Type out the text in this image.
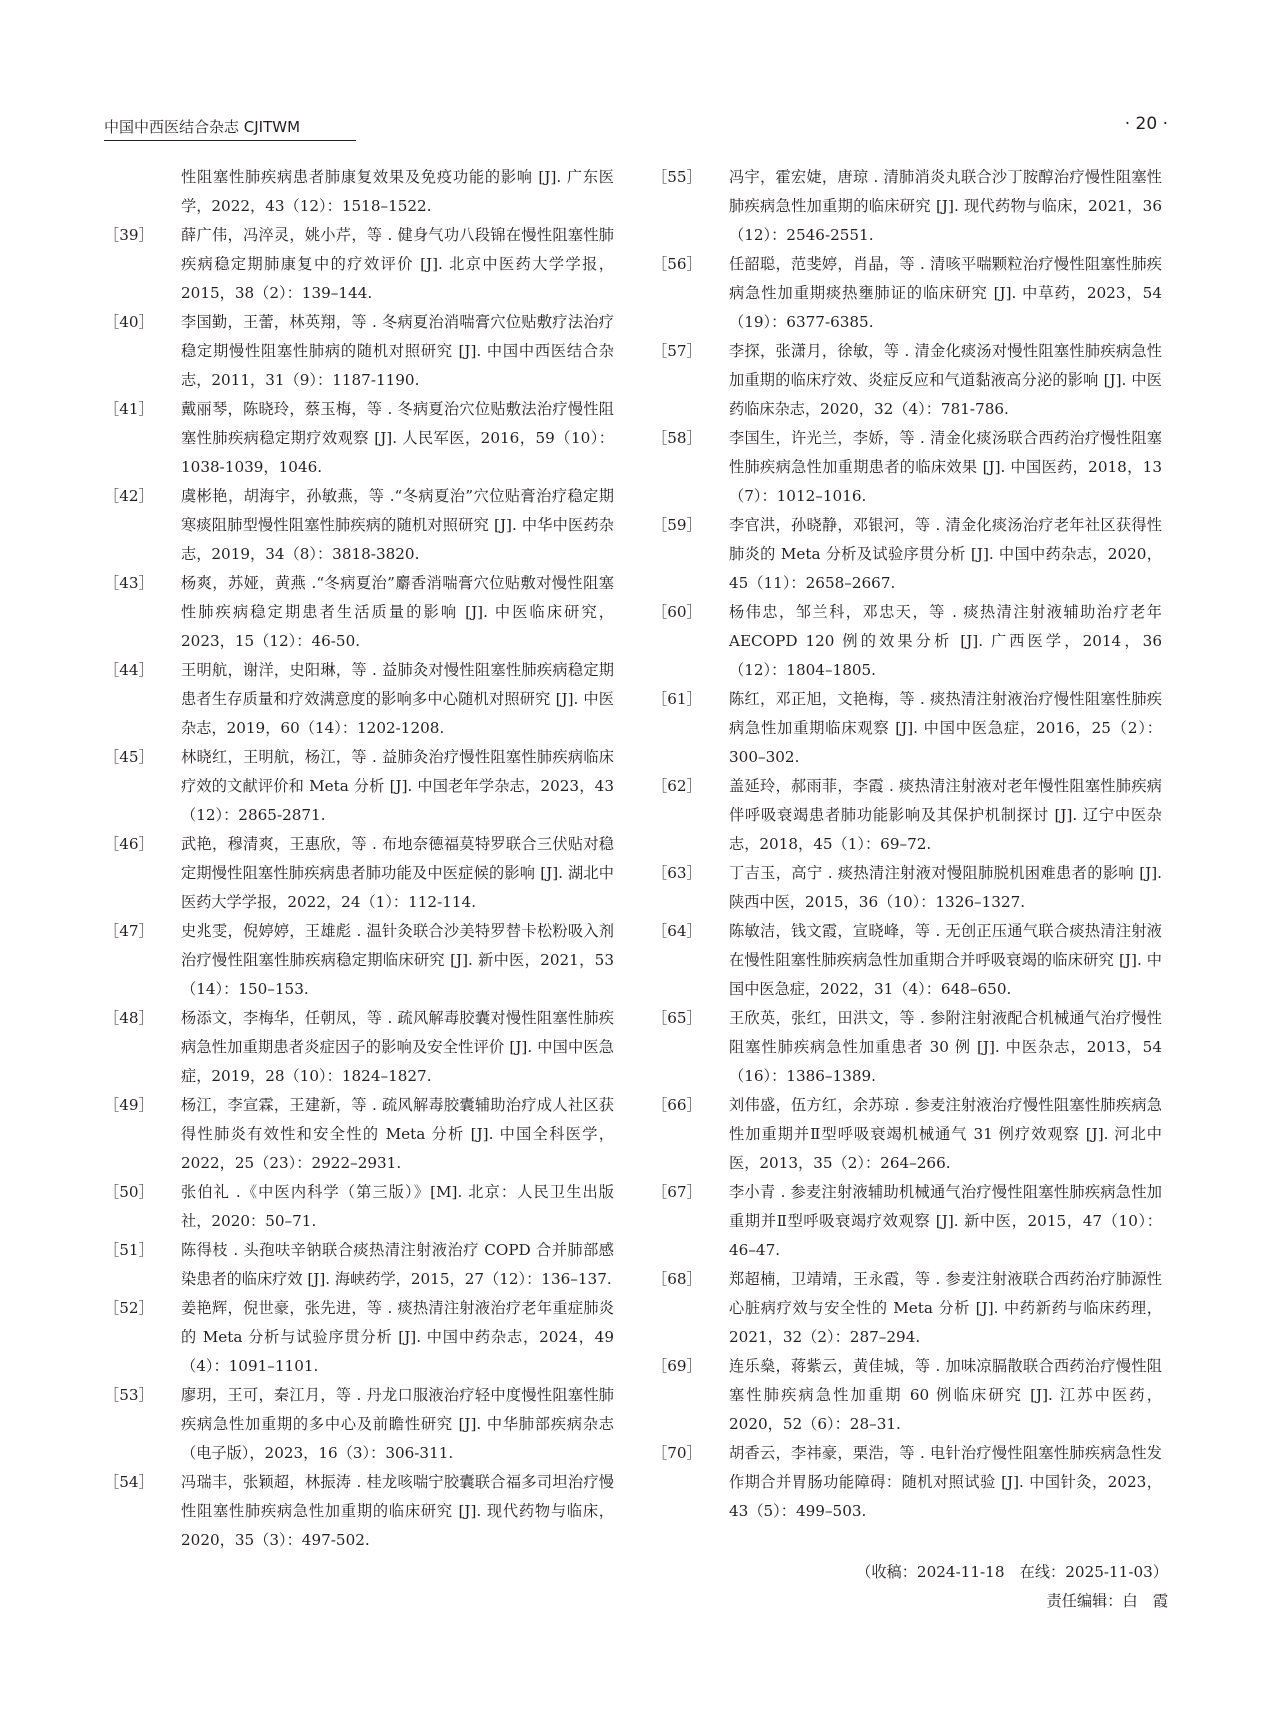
中国中西医结合杂志 CJITWM	· 20 ·
性阻塞性肺疾病患者肺康复效果及免疫功能的影响 [J]. 广东医学，2022，43（12）：1518–1522.
［39］ 薛广伟，冯淬灵，姚小芹，等 . 健身气功八段锦在慢性阻塞性肺疾病稳定期肺康复中的疗效评价 [J]. 北京中医药大学学报，2015，38（2）：139–144.
［40］ 李国勤，王蕾，林英翔，等 . 冬病夏治消喘膏穴位贴敷疗法治疗稳定期慢性阻塞性肺病的随机对照研究 [J]. 中国中西医结合杂志，2011，31（9）：1187-1190.
［41］ 戴丽琴，陈晓玲，蔡玉梅，等 . 冬病夏治穴位贴敷法治疗慢性阻塞性肺疾病稳定期疗效观察 [J]. 人民军医，2016，59（10）：1038-1039，1046.
［42］ 虞彬艳，胡海宇，孙敏燕，等 .“冬病夏治”穴位贴膏治疗稳定期寒痰阻肺型慢性阻塞性肺疾病的随机对照研究 [J]. 中华中医药杂志，2019，34（8）：3818-3820.
［43］ 杨爽，苏娅，黄燕 .“冬病夏治”麝香消喘膏穴位贴敷对慢性阻塞性肺疾病稳定期患者生活质量的影响 [J]. 中医临床研究，2023，15（12）：46-50.
［44］ 王明航，谢洋，史阳琳，等 . 益肺灸对慢性阻塞性肺疾病稳定期患者生存质量和疗效满意度的影响多中心随机对照研究 [J]. 中医杂志，2019，60（14）：1202-1208.
［45］ 林晓红，王明航，杨江，等 . 益肺灸治疗慢性阻塞性肺疾病临床疗效的文献评价和 Meta 分析 [J]. 中国老年学杂志，2023，43（12）：2865-2871.
［46］ 武艳，穆清爽，王惠欣，等 . 布地奈德福莫特罗联合三伏贴对稳定期慢性阻塞性肺疾病患者肺功能及中医症候的影响 [J]. 湖北中医药大学学报，2022，24（1）：112-114.
［47］ 史兆雯，倪婷婷，王雄彪 . 温针灸联合沙美特罗替卡松粉吸入剂治疗慢性阻塞性肺疾病稳定期临床研究 [J]. 新中医，2021，53（14）：150–153.
［48］ 杨添文，李梅华，任朝凤，等 . 疏风解毒胶囊对慢性阻塞性肺疾病急性加重期患者炎症因子的影响及安全性评价 [J]. 中国中医急症，2019，28（10）：1824–1827.
［49］ 杨江，李宣霖，王建新，等 . 疏风解毒胶囊辅助治疗成人社区获得性肺炎有效性和安全性的 Meta 分析 [J]. 中国全科医学，2022，25（23）：2922–2931.
［50］ 张伯礼 .《中医内科学（第三版）》[M]. 北京：人民卫生出版社，2020：50–71.
［51］ 陈得枝 . 头孢呋辛钠联合痰热清注射液治疗 COPD 合并肺部感染患者的临床疗效 [J]. 海峡药学，2015，27（12）：136–137.
［52］ 姜艳辉，倪世豪，张先进，等 . 痰热清注射液治疗老年重症肺炎的 Meta 分析与试验序贯分析 [J]. 中国中药杂志，2024，49（4）：1091–1101.
［53］ 廖玥，王可，秦江月，等 . 丹龙口服液治疗轻中度慢性阻塞性肺疾病急性加重期的多中心及前瞻性研究 [J]. 中华肺部疾病杂志（电子版），2023，16（3）：306-311.
［54］ 冯瑞丰，张颖超，林振涛 . 桂龙咳喘宁胶囊联合福多司坦治疗慢性阻塞性肺疾病急性加重期的临床研究 [J]. 现代药物与临床，2020，35（3）：497-502.
［55］ 冯宇，霍宏婕，唐琼 . 清肺消炎丸联合沙丁胺醇治疗慢性阻塞性肺疾病急性加重期的临床研究 [J]. 现代药物与临床，2021，36（12）：2546-2551.
［56］ 任韶聪，范斐婷，肖晶，等 . 清咳平喘颗粒治疗慢性阻塞性肺疾病急性加重期痰热壅肺证的临床研究 [J]. 中草药，2023，54（19）：6377-6385.
［57］ 李探，张潇月，徐敏，等 . 清金化痰汤对慢性阻塞性肺疾病急性加重期的临床疗效、炎症反应和气道黏液高分泌的影响 [J]. 中医药临床杂志，2020，32（4）：781-786.
［58］ 李国生，许光兰，李娇，等 . 清金化痰汤联合西药治疗慢性阻塞性肺疾病急性加重期患者的临床效果 [J]. 中国医药，2018，13（7）：1012–1016.
［59］ 李官洪，孙晓静，邓银河，等 . 清金化痰汤治疗老年社区获得性肺炎的 Meta 分析及试验序贯分析 [J]. 中国中药杂志，2020，45（11）：2658–2667.
［60］ 杨伟忠，邹兰科，邓忠天，等 . 痰热清注射液辅助治疗老年 AECOPD 120 例的效果分析 [J]. 广西医学，2014，36（12）：1804–1805.
［61］ 陈红，邓正旭，文艳梅，等 . 痰热清注射液治疗慢性阻塞性肺疾病急性加重期临床观察 [J]. 中国中医急症，2016，25（2）：300–302.
［62］ 盖延玲，郝雨菲，李霞 . 痰热清注射液对老年慢性阻塞性肺疾病伴呼吸衰竭患者肺功能影响及其保护机制探讨 [J]. 辽宁中医杂志，2018，45（1）：69–72.
［63］ 丁吉玉，高宁 . 痰热清注射液对慢阻肺脱机困难患者的影响 [J]. 陕西中医，2015，36（10）：1326–1327.
［64］ 陈敏洁，钱文霞，宣晓峰，等 . 无创正压通气联合痰热清注射液在慢性阻塞性肺疾病急性加重期合并呼吸衰竭的临床研究 [J]. 中国中医急症，2022，31（4）：648–650.
［65］ 王欣英，张红，田洪文，等 . 参附注射液配合机械通气治疗慢性阻塞性肺疾病急性加重患者 30 例 [J]. 中医杂志，2013，54（16）：1386–1389.
［66］ 刘伟盛，伍方红，余苏琼 . 参麦注射液治疗慢性阻塞性肺疾病急性加重期并Ⅱ型呼吸衰竭机械通气 31 例疗效观察 [J]. 河北中医，2013，35（2）：264–266.
［67］ 李小青 . 参麦注射液辅助机械通气治疗慢性阻塞性肺疾病急性加重期并Ⅱ型呼吸衰竭疗效观察 [J]. 新中医，2015，47（10）：46–47.
［68］ 郑超楠，卫靖靖，王永霞，等 . 参麦注射液联合西药治疗肺源性心脏病疗效与安全性的 Meta 分析 [J]. 中药新药与临床药理，2021，32（2）：287–294.
［69］ 连乐燊，蒋紫云，黄佳城，等 . 加味凉膈散联合西药治疗慢性阻塞性肺疾病急性加重期 60 例临床研究 [J]. 江苏中医药，2020，52（6）：28–31.
［70］ 胡香云，李祎豪，栗浩，等 . 电针治疗慢性阻塞性肺疾病急性发作期合并胃肠功能障碍：随机对照试验 [J]. 中国针灸，2023，43（5）：499–503.
（收稿：2024-11-18　在线：2025-11-03）
责任编辑：白　霞
